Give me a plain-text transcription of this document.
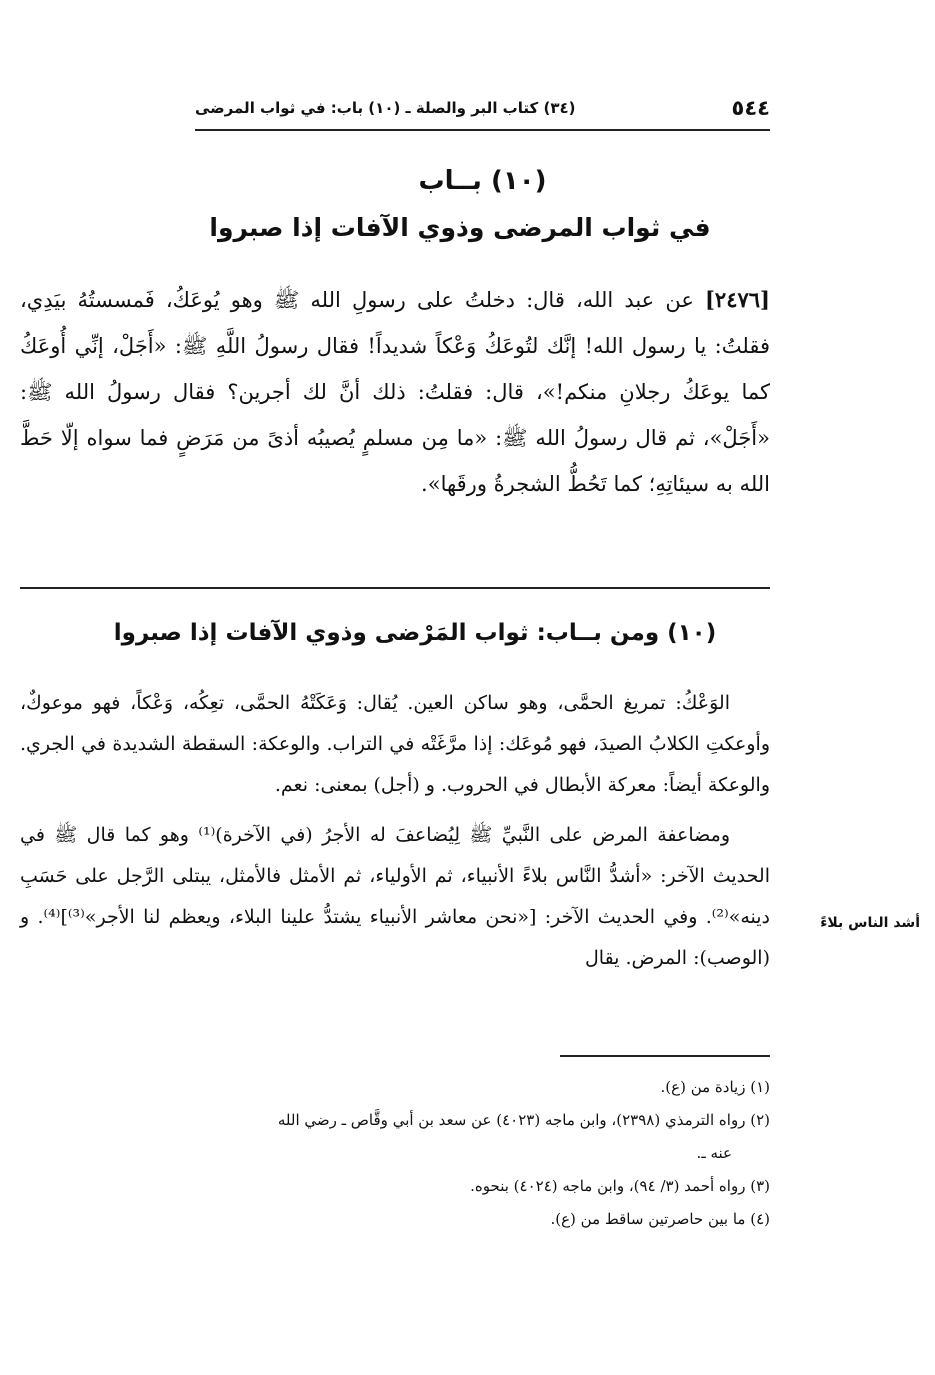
٥٤٤
(٣٤) كتاب البر والصلة ـ (١٠) باب: في ثواب المرضى
(١٠) بــاب
في ثواب المرضى وذوي الآفات إذا صبروا
[٢٤٧٦] عن عبد الله، قال: دخلتُ على رسولِ الله ﷺ وهو يُوعَكُ، فَمسستُهُ بيَدِي، فقلتُ: يا رسول الله! إنَّك لتُوعَكُ وَعْكاً شديداً! فقال رسولُ اللَّهِ ﷺ: «أَجَلْ، إنِّي أُوعَكُ كما يوعَكُ رجلانِ منكم!»، قال: فقلتُ: ذلك أنَّ لك أجرين؟ فقال رسولُ الله ﷺ: «أَجَلْ»، ثم قال رسولُ الله ﷺ: «ما مِن مسلمٍ يُصيبُه أذىً من مَرَضٍ فما سواه إلّا حَطَّ الله به سيئاتِهِ؛ كما تَحُطُّ الشجرةُ ورقَها».
(١٠) ومن بــاب: ثواب المَرْضى وذوي الآفات إذا صبروا

الوَعْكُ: تمريغ الحمَّى، وهو ساكن العين. يُقال: وَعَكَتْهُ الحمَّى، تعِكُه، وَعْكاً، فهو موعوكٌ، وأوعكتِ الكلابُ الصيدَ، فهو مُوعَك: إذا مرَّغَتْه في التراب. والوعكة: السقطة الشديدة في الجري. والوعكة أيضاً: معركة الأبطال في الحروب. و (أجل) بمعنى: نعم.

ومضاعفة المرض على النَّبيِّ ﷺ لِيُضاعفَ له الأجرُ (في الآخرة)⁽¹⁾ وهو كما قال ﷺ في الحديث الآخر: «أشدُّ النَّاس بلاءً الأنبياء، ثم الأولياء، ثم الأمثل فالأمثل، يبتلى الرَّجل على حَسَبِ دينه»⁽²⁾. وفي الحديث الآخر: [«نحن معاشر الأنبياء يشتدُّ علينا البلاء، ويعظم لنا الأجر»⁽³⁾]⁽⁴⁾. و (الوصب): المرض. يقال

أشد الناس بلاءً

(١) زيادة من (ع).

(٢) رواه الترمذي (٢٣٩٨)، وابن ماجه (٤٠٢٣) عن سعد بن أبي وقَّاص ـ رضي الله

عنه ـ.

(٣) رواه أحمد (٣/ ٩٤)، وابن ماجه (٤٠٢٤) بنحوه.

(٤) ما بين حاصرتين ساقط من (ع).
